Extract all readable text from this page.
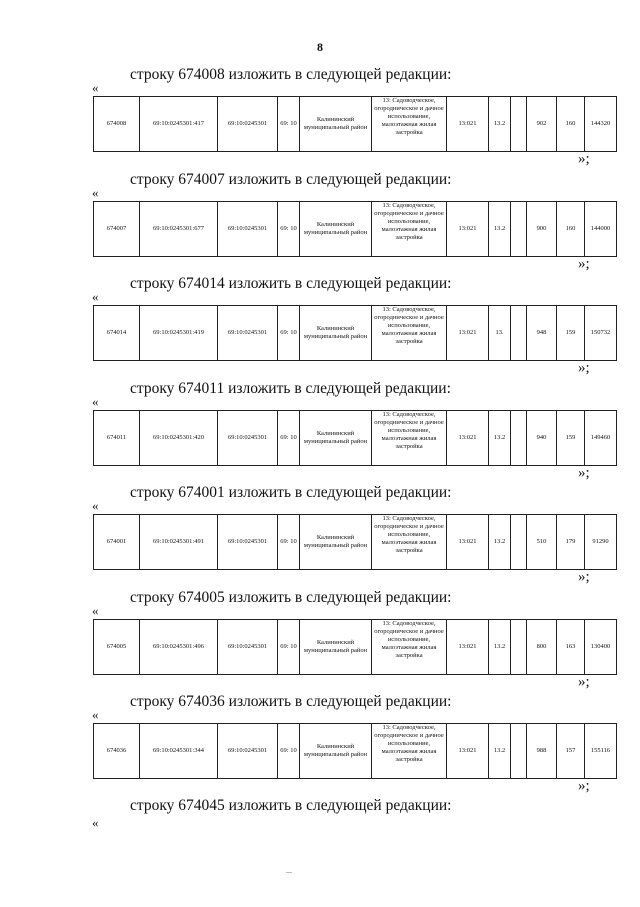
8
строку 674008 изложить в следующей редакции:
«
674008	69:10:0245301:417	69:10:0245301	69: 10	Калининский муниципальный район	13: Садоводческое, огородническое и дачное использование, малоэтажная жилая застройка	13:021	13.2		902	160	144320
»;
строку 674007 изложить в следующей редакции:
«
674007	69:10:0245301:677	69:10:0245301	69: 10	Калининский муниципальный район	13: Садоводческое, огородническое и дачное использование, малоэтажная жилая застройка	13:021	13.2		900	160	144000
»;
строку 674014 изложить в следующей редакции:
«
674014	69:10:0245301:419	69:10:0245301	69: 10	Калининский муниципальный район	13: Садоводческое, огородническое и дачное использование, малоэтажная жилая застройка	13:021	13.		948	159	150732
»;
строку 674011 изложить в следующей редакции:
«
674011	69:10:0245301:420	69:10:0245301	69: 10	Калининский муниципальный район	13: Садоводческое, огородническое и дачное использование, малоэтажная жилая застройка	13:021	13.2		940	159	149460
»;
строку 674001 изложить в следующей редакции:
«
674001	69:10:0245301:491	69:10:0245301	69: 10	Калининский муниципальный район	13: Садоводческое, огородническое и дачное использование, малоэтажная жилая застройка	13:021	13.2		510	179	91290
»;
строку 674005 изложить в следующей редакции:
«
674005	69:10:0245301:496	69:10:0245301	69: 10	Калининский муниципальный район	13: Садоводческое, огородническое и дачное использование, малоэтажная жилая застройка	13:021	13.2		800	163	130400
»;
строку 674036 изложить в следующей редакции:
«
674036	69:10:0245301:344	69:10:0245301	69: 10	Калининский муниципальный район	13: Садоводческое, огородническое и дачное использование, малоэтажная жилая застройка	13:021	13.2		988	157	155116
»;
строку 674045 изложить в следующей редакции:
«
